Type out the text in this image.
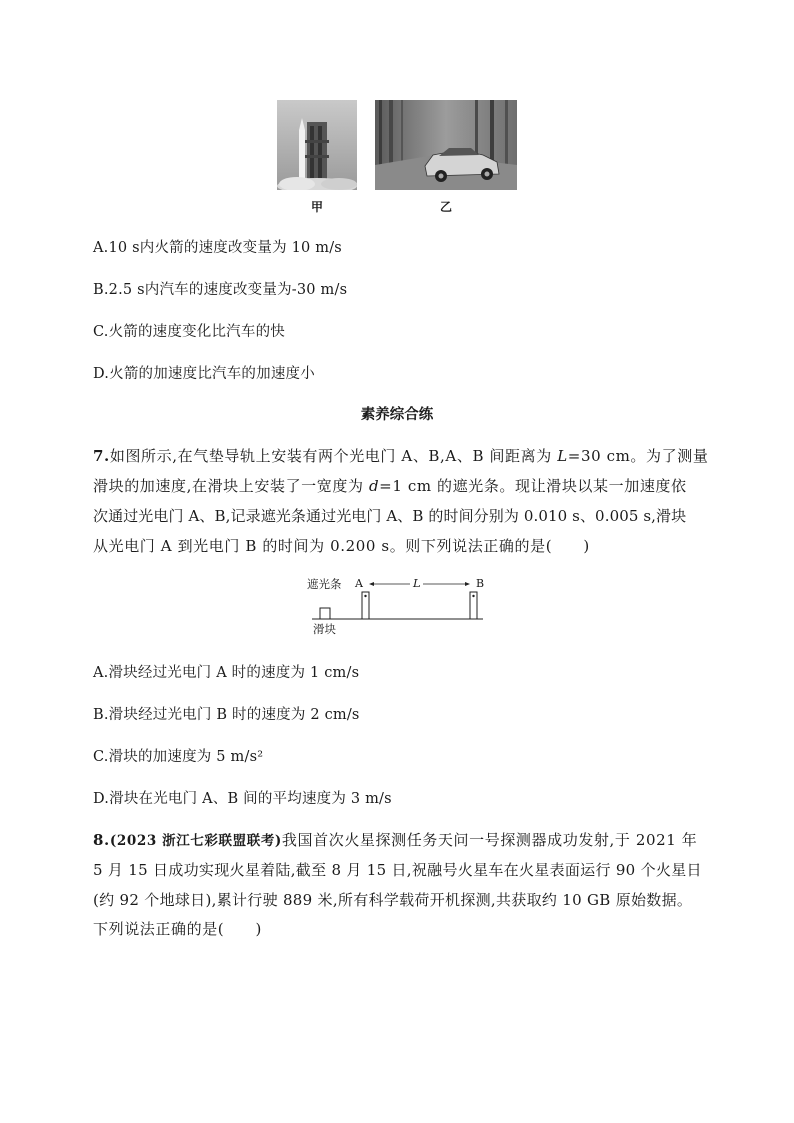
甲	乙
A.10 s内火箭的速度改变量为 10 m/s
B.2.5 s内汽车的速度改变量为-30 m/s
C.火箭的速度变化比汽车的快
D.火箭的加速度比汽车的加速度小
素养综合练
7.如图所示,在气垫导轨上安装有两个光电门 A、B,A、B 间距离为 L=30 cm。为了测量
滑块的加速度,在滑块上安装了一宽度为 d=1 cm 的遮光条。现让滑块以某一加速度依
次通过光电门 A、B,记录遮光条通过光电门 A、B 的时间分别为 0.010 s、0.005 s,滑块
从光电门 A 到光电门 B 的时间为 0.200 s。则下列说法正确的是(　　)
遮光条
滑块
A	B
L
A.滑块经过光电门 A 时的速度为 1 cm/s
B.滑块经过光电门 B 时的速度为 2 cm/s
C.滑块的加速度为 5 m/s²
D.滑块在光电门 A、B 间的平均速度为 3 m/s
8.(2023 浙江七彩联盟联考)我国首次火星探测任务天问一号探测器成功发射,于 2021 年
5 月 15 日成功实现火星着陆,截至 8 月 15 日,祝融号火星车在火星表面运行 90 个火星日
(约 92 个地球日),累计行驶 889 米,所有科学载荷开机探测,共获取约 10 GB 原始数据。
下列说法正确的是(　　)
